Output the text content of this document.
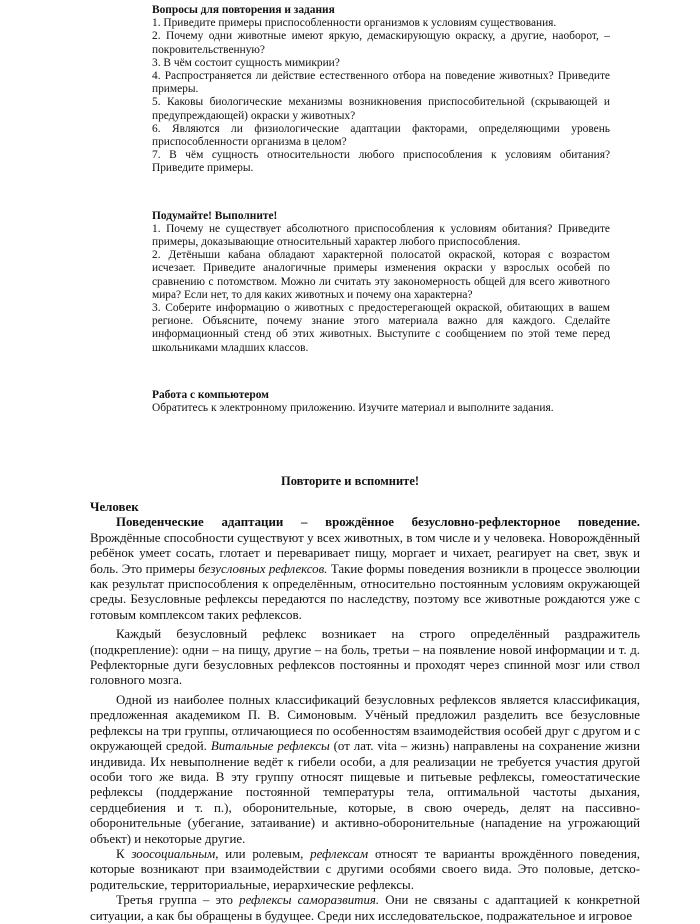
Вопросы для повторения и задания

1. Приведите примеры приспособленности организмов к условиям существования.

2. Почему одни животные имеют яркую, демаскирующую окраску, а другие, наоборот, – покровительственную?

3. В чём состоит сущность мимикрии?

4. Распространяется ли действие естественного отбора на поведение животных? Приведите примеры.

5. Каковы биологические механизмы возникновения приспособительной (скрывающей и предупреждающей) окраски у животных?

6. Являются ли физиологические адаптации факторами, определяющими уровень приспособленности организма в целом?

7. В чём сущность относительности любого приспособления к условиям обитания? Приведите примеры.

Подумайте! Выполните!

1. Почему не существует абсолютного приспособления к условиям обитания? Приведите примеры, доказывающие относительный характер любого приспособления.

2. Детёныши кабана обладают характерной полосатой окраской, которая с возрастом исчезает. Приведите аналогичные примеры изменения окраски у взрослых особей по сравнению с потомством. Можно ли считать эту закономерность общей для всего животного мира? Если нет, то для каких животных и почему она характерна?

3. Соберите информацию о животных с предостерегающей окраской, обитающих в вашем регионе. Объясните, почему знание этого материала важно для каждого. Сделайте информационный стенд об этих животных. Выступите с сообщением по этой теме перед школьниками младших классов.

Работа с компьютером

Обратитесь к электронному приложению. Изучите материал и выполните задания.

Повторите и вспомните!

Человек

Поведенческие адаптации – врождённое безусловно-рефлекторное поведение. Врождённые способности существуют у всех животных, в том числе и у человека. Новорождённый ребёнок умеет сосать, глотает и переваривает пищу, моргает и чихает, реагирует на свет, звук и боль. Это примеры безусловных рефлексов. Такие формы поведения возникли в процессе эволюции как результат приспособления к определённым, относительно постоянным условиям окружающей среды. Безусловные рефлексы передаются по наследству, поэтому все животные рождаются уже с готовым комплексом таких рефлексов.

Каждый безусловный рефлекс возникает на строго определённый раздражитель (подкрепление): одни – на пищу, другие – на боль, третьи – на появление новой информации и т. д. Рефлекторные дуги безусловных рефлексов постоянны и проходят через спинной мозг или ствол головного мозга.

Одной из наиболее полных классификаций безусловных рефлексов является классификация, предложенная академиком П. В. Симоновым. Учёный предложил разделить все безусловные рефлексы на три группы, отличающиеся по особенностям взаимодействия особей друг с другом и с окружающей средой. Витальные рефлексы (от лат. vita – жизнь) направлены на сохранение жизни индивида. Их невыполнение ведёт к гибели особи, а для реализации не требуется участия другой особи того же вида. В эту группу относят пищевые и питьевые рефлексы, гомеостатические рефлексы (поддержание постоянной температуры тела, оптимальной частоты дыхания, сердцебиения и т. п.), оборонительные, которые, в свою очередь, делят на пассивно-оборонительные (убегание, затаивание) и активно-оборонительные (нападение на угрожающий объект) и некоторые другие.

К зоосоциальным, или ролевым, рефлексам относят те варианты врождённого поведения, которые возникают при взаимодействии с другими особями своего вида. Это половые, детско-родительские, территориальные, иерархические рефлексы.

Третья группа – это рефлексы саморазвития. Они не связаны с адаптацией к конкретной ситуации, а как бы обращены в будущее. Среди них исследовательское, подражательное и игровое
